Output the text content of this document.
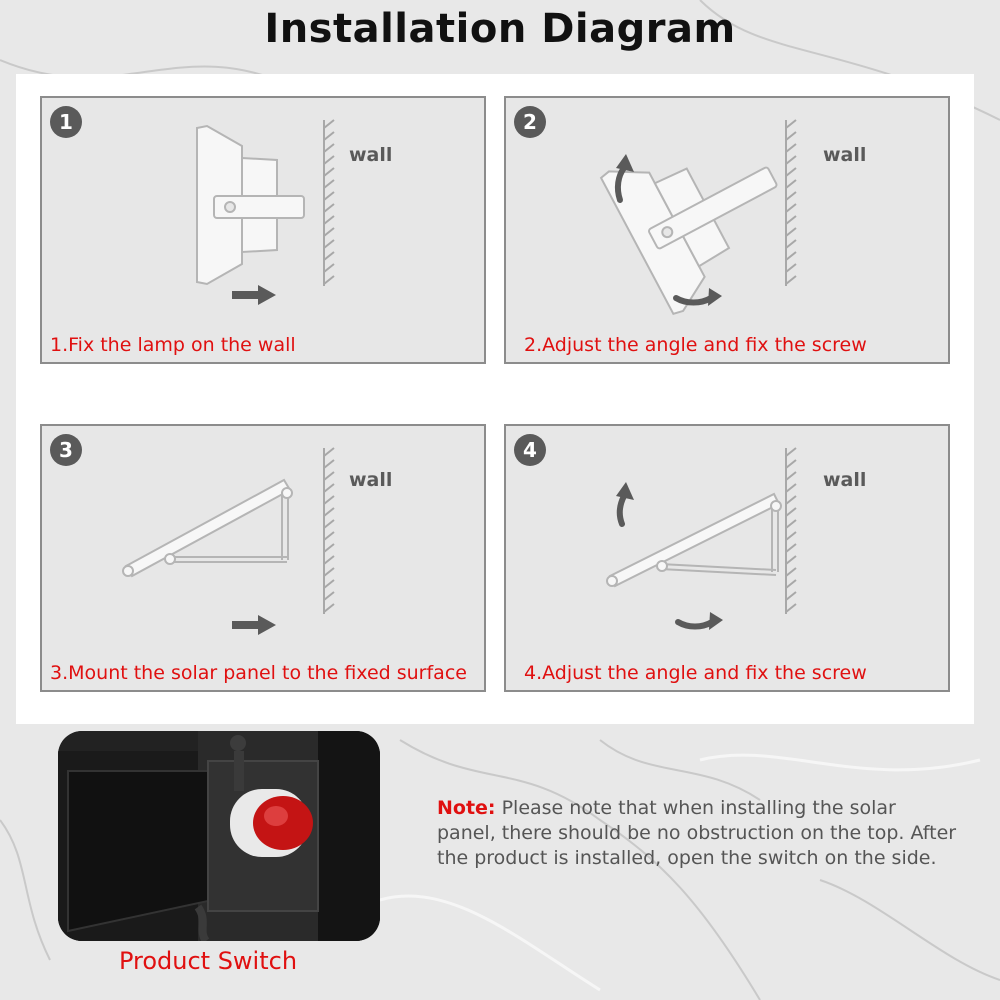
Installation Diagram
1
wall
1.Fix the lamp on the wall
2
wall
2.Adjust the angle and fix the screw
3
wall
3.Mount the solar panel to the fixed surface
4
wall
4.Adjust the angle and fix the screw
Product Switch
Note: Please note that when installing the solar panel, there should be no obstruction on the top. After the product is installed, open the switch on the side.
